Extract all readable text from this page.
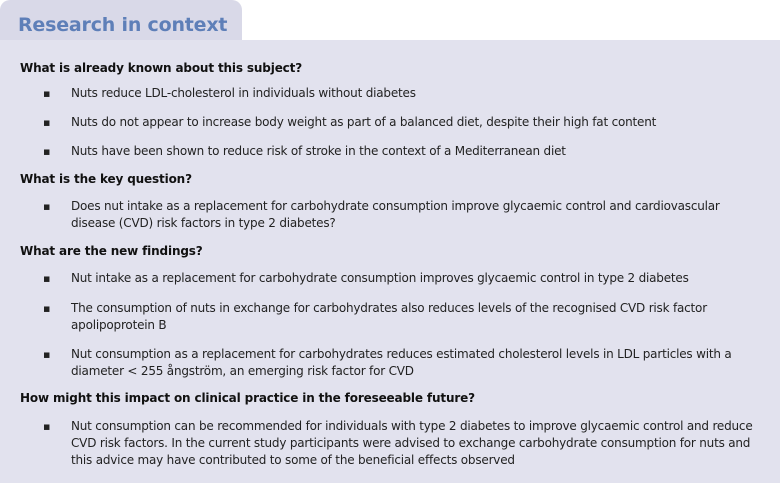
Research in context
What is already known about this subject?
▪ Nuts reduce LDL-cholesterol in individuals without diabetes
▪ Nuts do not appear to increase body weight as part of a balanced diet, despite their high fat content
▪ Nuts have been shown to reduce risk of stroke in the context of a Mediterranean diet
What is the key question?
▪ Does nut intake as a replacement for carbohydrate consumption improve glycaemic control and cardiovascular disease (CVD) risk factors in type 2 diabetes?
What are the new findings?
▪ Nut intake as a replacement for carbohydrate consumption improves glycaemic control in type 2 diabetes
▪ The consumption of nuts in exchange for carbohydrates also reduces levels of the recognised CVD risk factor apolipoprotein B
▪ Nut consumption as a replacement for carbohydrates reduces estimated cholesterol levels in LDL particles with a diameter < 255 ångström, an emerging risk factor for CVD
How might this impact on clinical practice in the foreseeable future?
▪ Nut consumption can be recommended for individuals with type 2 diabetes to improve glycaemic control and reduce CVD risk factors. In the current study participants were advised to exchange carbohydrate consumption for nuts and this advice may have contributed to some of the beneficial effects observed
